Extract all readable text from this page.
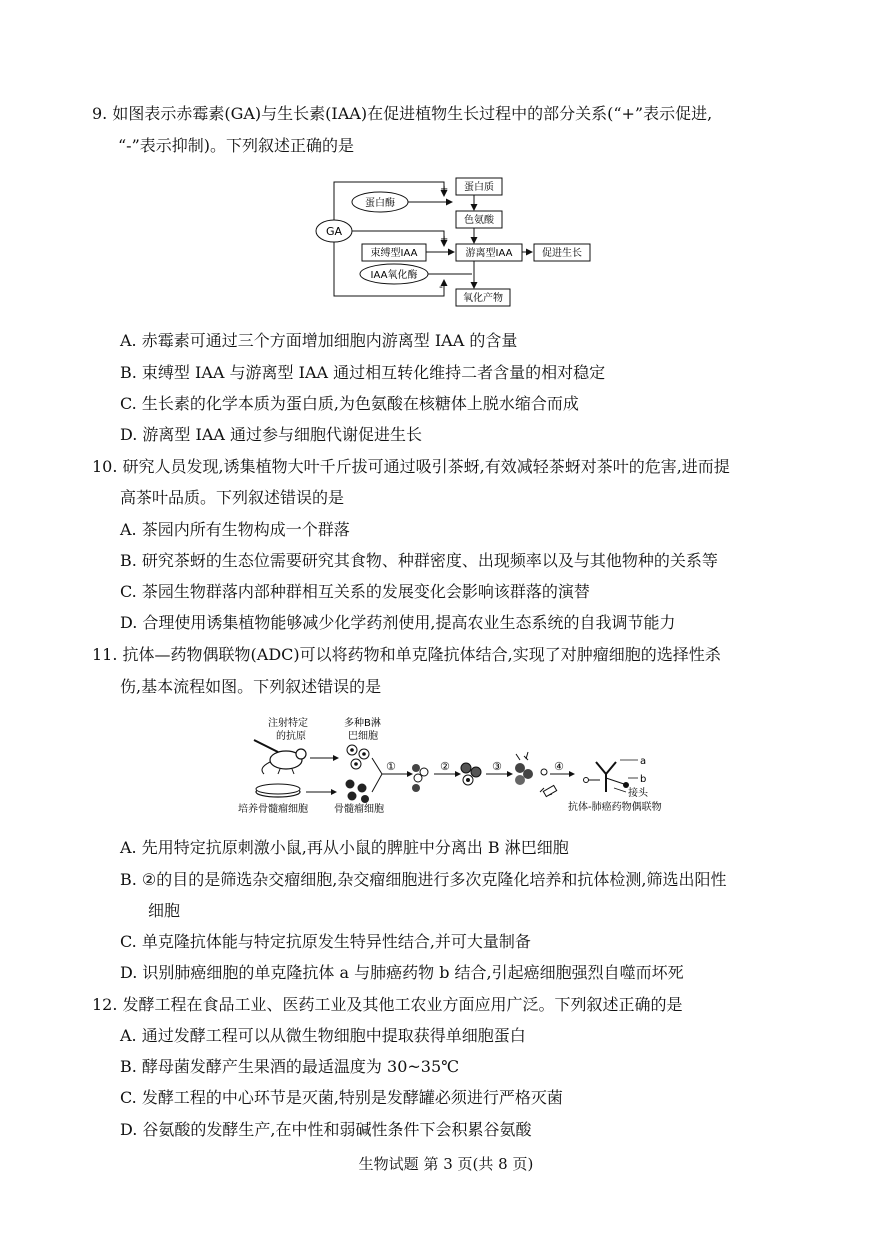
9. 如图表示赤霉素(GA)与生长素(IAA)在促进植物生长过程中的部分关系(“+”表示促进,
“-”表示抑制)。下列叙述正确的是
GA
+
+
-
蛋白酶
蛋白质
色氨酸
束缚型IAA	游离型IAA	促进生长
IAA氧化酶
氧化产物
A. 赤霉素可通过三个方面增加细胞内游离型 IAA 的含量
B. 束缚型 IAA 与游离型 IAA 通过相互转化维持二者含量的相对稳定
C. 生长素的化学本质为蛋白质,为色氨酸在核糖体上脱水缩合而成
D. 游离型 IAA 通过参与细胞代谢促进生长
10. 研究人员发现,诱集植物大叶千斤拔可通过吸引茶蚜,有效减轻茶蚜对茶叶的危害,进而提
高茶叶品质。下列叙述错误的是
A. 茶园内所有生物构成一个群落
B. 研究茶蚜的生态位需要研究其食物、种群密度、出现频率以及与其他物种的关系等
C. 茶园生物群落内部种群相互关系的发展变化会影响该群落的演替
D. 合理使用诱集植物能够减少化学药剂使用,提高农业生态系统的自我调节能力
11. 抗体—药物偶联物(ADC)可以将药物和单克隆抗体结合,实现了对肿瘤细胞的选择性杀
伤,基本流程如图。下列叙述错误的是
注射特定
的抗原
多种B淋
巴细胞
培养骨髓瘤细胞	骨髓瘤细胞
①	②	③	④	a
b
接头
抗体-肺癌药物偶联物
A. 先用特定抗原刺激小鼠,再从小鼠的脾脏中分离出 B 淋巴细胞
B. ②的目的是筛选杂交瘤细胞,杂交瘤细胞进行多次克隆化培养和抗体检测,筛选出阳性
细胞
C. 单克隆抗体能与特定抗原发生特异性结合,并可大量制备
D. 识别肺癌细胞的单克隆抗体 a 与肺癌药物 b 结合,引起癌细胞强烈自噬而坏死
12. 发酵工程在食品工业、医药工业及其他工农业方面应用广泛。下列叙述正确的是
A. 通过发酵工程可以从微生物细胞中提取获得单细胞蛋白
B. 酵母菌发酵产生果酒的最适温度为 30~35℃
C. 发酵工程的中心环节是灭菌,特别是发酵罐必须进行严格灭菌
D. 谷氨酸的发酵生产,在中性和弱碱性条件下会积累谷氨酸
生物试题 第 3 页(共 8 页)
